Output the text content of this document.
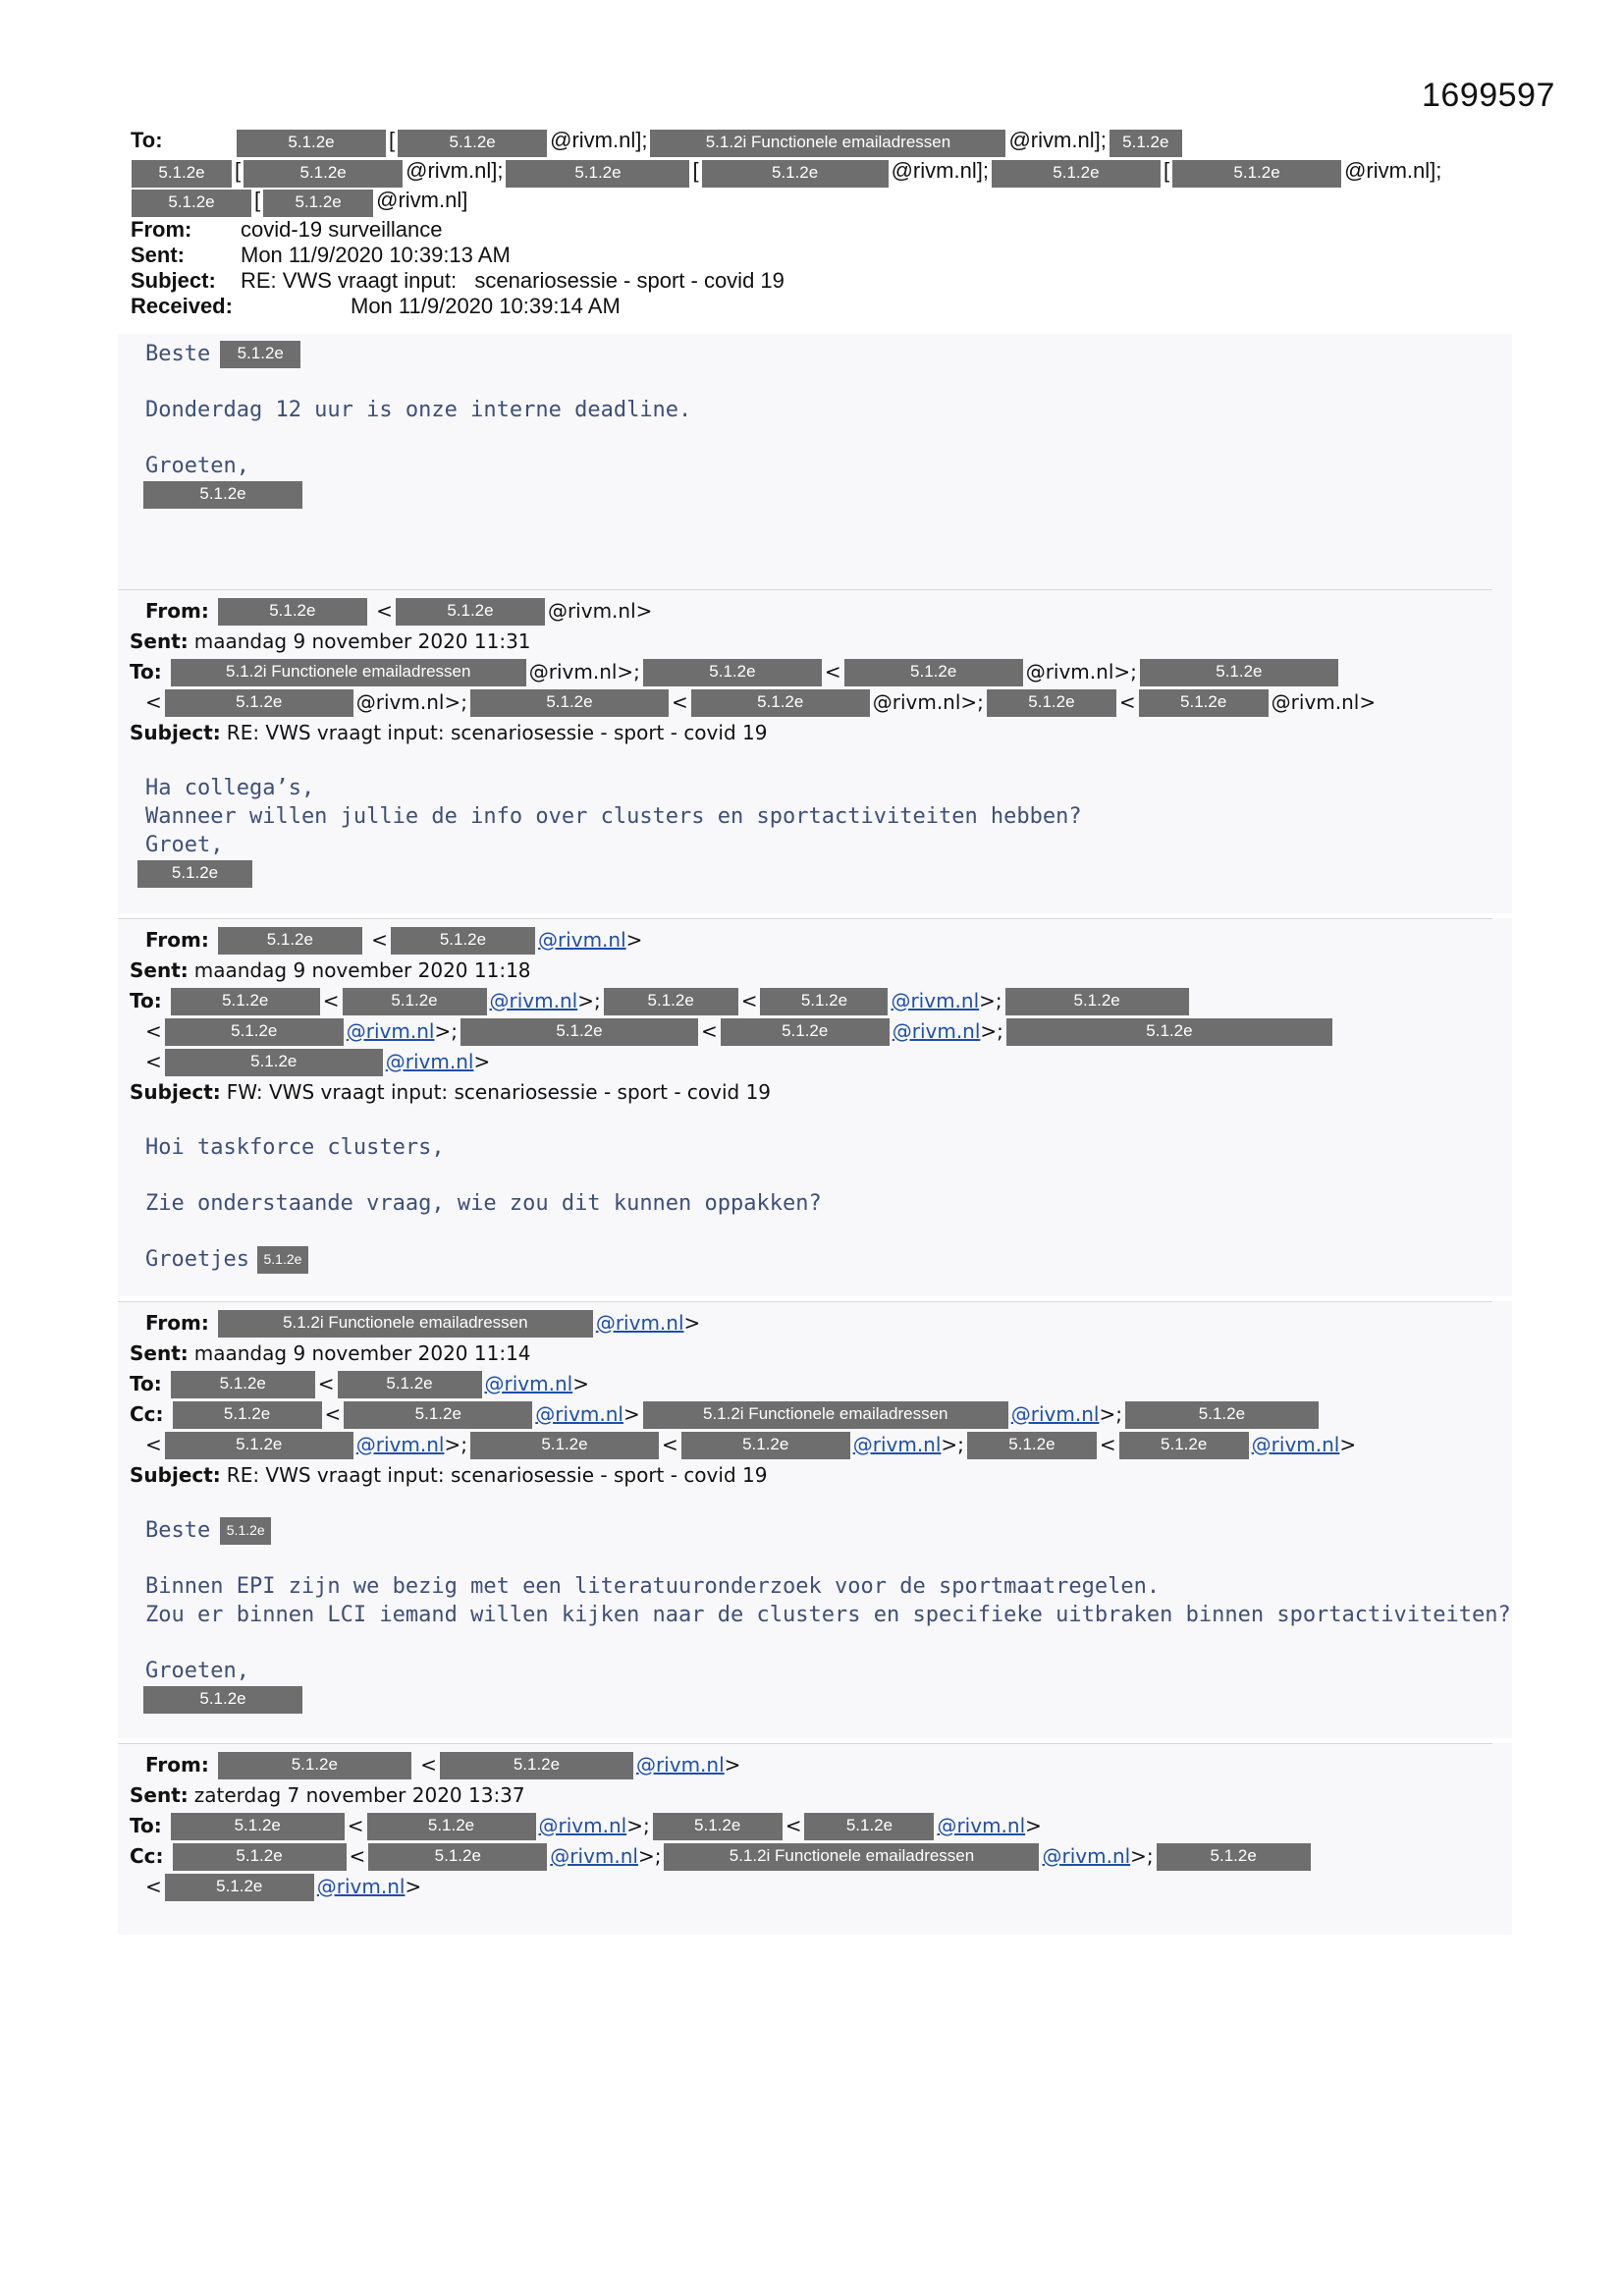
1699597
To:	5.1.2e	[	5.1.2e	@rivm.nl ];	5.1.2i Functionele emailadressen	@rivm.nl ]; 5.1.2e
5.1.2e	[	5.1.2e	@rivm.nl ];	5.1.2e	[	5.1.2e	@rivm.nl ];	5.1.2e	[	5.1.2e	@rivm.nl ];
5.1.2e	[	5.1.2e	@rivm.nl ]
From:	covid-19 surveillance
Sent:	Mon 11/9/2020 10:39:13 AM
Subject:	RE: VWS vraagt input:   scenariosessie - sport - covid 19
Received:	Mon 11/9/2020 10:39:14 AM

Beste	5.1.2e

Donderdag 12 uur is onze interne deadline.

Groeten,

5.1.2e

From:	5.1.2e	<	5.1.2e	@rivm.nl >
Sent: maandag 9 november 2020 11:31
To:	5.1.2i Functionele emailadressen	@rivm.nl >;	5.1.2e	<	5.1.2e	@rivm.nl >;	5.1.2e
<	5.1.2e	@rivm.nl >;	5.1.2e	<	5.1.2e	@rivm.nl >;	5.1.2e	<	5.1.2e	@rivm.nl >
Subject: RE: VWS vraagt input: scenariosessie - sport - covid 19

Ha collega’s,

Wanneer willen jullie de info over clusters en sportactiviteiten hebben?

Groet,

5.1.2e

From:	5.1.2e	<	5.1.2e	@rivm.nl >
Sent: maandag 9 november 2020 11:18
To:	5.1.2e	<	5.1.2e	@rivm.nl >;	5.1.2e	<	5.1.2e	@rivm.nl >;	5.1.2e
<	5.1.2e	@rivm.nl >;	5.1.2e	<	5.1.2e	@rivm.nl >;	5.1.2e
<	5.1.2e	@rivm.nl >
Subject: FW: VWS vraagt input: scenariosessie - sport - covid 19

Hoi taskforce clusters,

Zie onderstaande vraag, wie zou dit kunnen oppakken?

Groetjes	5.1.2e

From:	5.1.2i Functionele emailadressen	@rivm.nl >
Sent: maandag 9 november 2020 11:14
To:	5.1.2e	<	5.1.2e	@rivm.nl >
Cc:	5.1.2e	<	5.1.2e	@rivm.nl >	5.1.2i Functionele emailadressen	@rivm.nl >;	5.1.2e
<	5.1.2e	@rivm.nl >;	5.1.2e	<	5.1.2e	@rivm.nl >;	5.1.2e	<	5.1.2e	@rivm.nl >
Subject: RE: VWS vraagt input: scenariosessie - sport - covid 19

Beste	5.1.2e

Binnen EPI zijn we bezig met een literatuuronderzoek voor de sportmaatregelen.

Zou er binnen LCI iemand willen kijken naar de clusters en specifieke uitbraken binnen sportactiviteiten?

Groeten,

5.1.2e

From:	5.1.2e	<	5.1.2e	@rivm.nl >
Sent: zaterdag 7 november 2020 13:37
To:	5.1.2e	<	5.1.2e	@rivm.nl >;	5.1.2e	<	5.1.2e	@rivm.nl >
Cc:	5.1.2e	<	5.1.2e	@rivm.nl >;	5.1.2i Functionele emailadressen	@rivm.nl >;	5.1.2e
<	5.1.2e	@rivm.nl >
